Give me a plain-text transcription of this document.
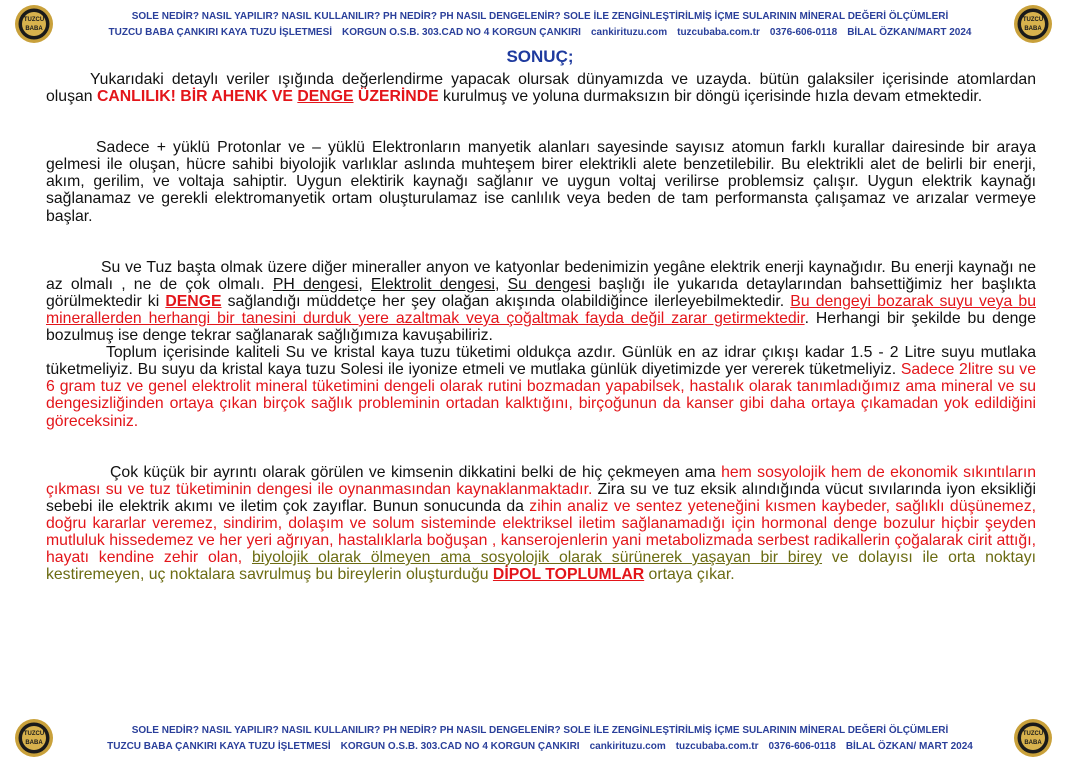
TUZCU
BABA
SOLE NEDİR? NASIL YAPILIR? NASIL KULLANILIR? PH NEDİR? PH NASIL DENGELENİR? SOLE İLE ZENGİNLEŞTİRİLMİŞ İÇME SULARININ MİNERAL DEĞERİ ÖLÇÜMLERİ
TUZCU BABA ÇANKIRI KAYA TUZU İŞLETMESİ KORGUN O.S.B. 303.CAD NO 4 KORGUN ÇANKIRI cankirituzu.com tuzcubaba.com.tr 0376-606-0118 BİLAL ÖZKAN/MART 2024
TUZCU
BABA
SONUÇ;

Yukarıdaki detaylı veriler ışığında değerlendirme yapacak olursak dünyamızda ve uzayda. bütün galaksiler içerisinde atomlardan oluşan CANLILIK! BİR AHENK VE DENGE ÜZERİNDE kurulmuş ve yoluna durmaksızın bir döngü içerisinde hızla devam etmektedir.

Sadece + yüklü Protonlar ve – yüklü Elektronların manyetik alanları sayesinde sayısız atomun farklı kurallar dairesinde bir araya gelmesi ile oluşan, hücre sahibi biyolojik varlıklar aslında muhteşem birer elektrikli alete benzetilebilir. Bu elektrikli alet de belirli bir enerji, akım, gerilim, ve voltaja sahiptir. Uygun elektirik kaynağı sağlanır ve uygun voltaj verilirse problemsiz çalışır. Uygun elektrik kaynağı sağlanamaz ve gerekli elektromanyetik ortam oluşturulamaz ise canlılık veya beden de tam performansta çalışamaz ve arızalar vermeye başlar.

Su ve Tuz başta olmak üzere diğer mineraller anyon ve katyonlar bedenimizin yegâne elektrik enerji kaynağıdır. Bu enerji kaynağı ne az olmalı , ne de çok olmalı. PH dengesi, Elektrolit dengesi, Su dengesi başlığı ile yukarıda detaylarından bahsettiğimiz her başlıkta görülmektedir ki DENGE sağlandığı müddetçe her şey olağan akışında olabildiğince ilerleyebilmektedir. Bu dengeyi bozarak suyu veya bu minerallerden herhangi bir tanesini durduk yere azaltmak veya çoğaltmak fayda değil zarar getirmektedir. Herhangi bir şekilde bu denge bozulmuş ise denge tekrar sağlanarak sağlığımıza kavuşabiliriz.

Toplum içerisinde kaliteli Su ve kristal kaya tuzu tüketimi oldukça azdır. Günlük en az idrar çıkışı kadar 1.5 - 2 Litre suyu mutlaka tüketmeliyiz. Bu suyu da kristal kaya tuzu Solesi ile iyonize etmeli ve mutlaka günlük diyetimizde yer vererek tüketmeliyiz. Sadece 2litre su ve 6 gram tuz ve genel elektrolit mineral tüketimini dengeli olarak rutini bozmadan yapabilsek, hastalık olarak tanımladığımız ama mineral ve su dengesizliğinden ortaya çıkan birçok sağlık probleminin ortadan kalktığını, birçoğunun da kanser gibi daha ortaya çıkamadan yok edildiğini göreceksiniz.

Çok küçük bir ayrıntı olarak görülen ve kimsenin dikkatini belki de hiç çekmeyen ama hem sosyolojik hem de ekonomik sıkıntıların çıkması su ve tuz tüketiminin dengesi ile oynanmasından kaynaklanmaktadır. Zira su ve tuz eksik alındığında vücut sıvılarında iyon eksikliği sebebi ile elektrik akımı ve iletim çok zayıflar. Bunun sonucunda da zihin analiz ve sentez yeteneğini kısmen kaybeder, sağlıklı düşünemez, doğru kararlar veremez, sindirim, dolaşım ve solum sisteminde elektriksel iletim sağlanamadığı için hormonal denge bozulur hiçbir şeyden mutluluk hissedemez ve her yeri ağrıyan, hastalıklarla boğuşan , kanserojenlerin yani metabolizmada serbest radikallerin çoğalarak cirit attığı, hayatı kendine zehir olan, biyolojik olarak ölmeyen ama sosyolojik olarak sürünerek yaşayan bir birey ve dolayısı ile orta noktayı kestiremeyen, uç noktalara savrulmuş bu bireylerin oluşturduğu DİPOL TOPLUMLAR ortaya çıkar.

TUZCU
BABA
SOLE NEDİR? NASIL YAPILIR? NASIL KULLANILIR? PH NEDİR? PH NASIL DENGELENİR? SOLE İLE ZENGİNLEŞTİRİLMİŞ İÇME SULARININ MİNERAL DEĞERİ ÖLÇÜMLERİ
TUZCU BABA ÇANKIRI KAYA TUZU İŞLETMESİ KORGUN O.S.B. 303.CAD NO 4 KORGUN ÇANKIRI cankirituzu.com tuzcubaba.com.tr 0376-606-0118 BİLAL ÖZKAN/ MART 2024
TUZCU
BABA
